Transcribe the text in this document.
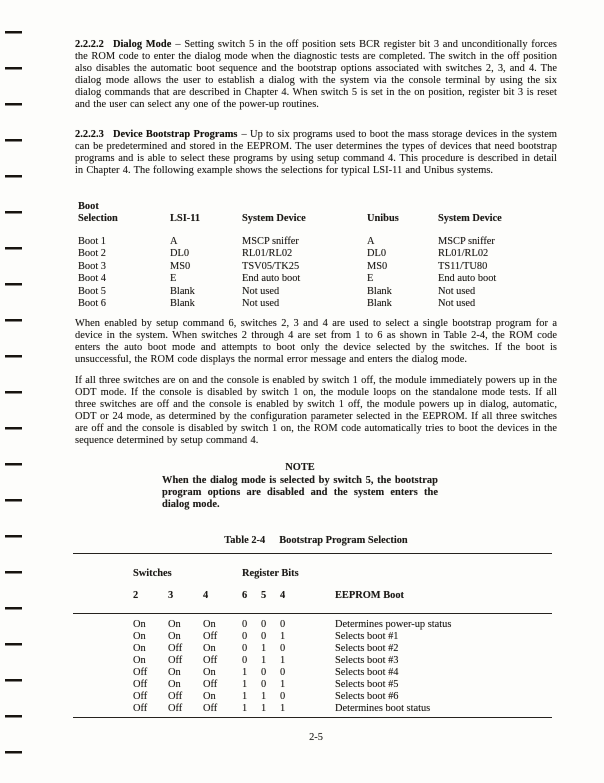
2.2.2.2 Dialog Mode – Setting switch 5 in the off position sets BCR register bit 3 and unconditionally forces the ROM code to enter the dialog mode when the diagnostic tests are completed. The switch in the off position also disables the automatic boot sequence and the bootstrap options associated with switches 2, 3, and 4. The dialog mode allows the user to establish a dialog with the system via the console terminal by using the six dialog commands that are described in Chapter 4. When switch 5 is set in the on position, register bit 3 is reset and the user can select any one of the power-up routines.

2.2.2.3 Device Bootstrap Programs – Up to six programs used to boot the mass storage devices in the system can be predetermined and stored in the EEPROM. The user determines the types of devices that need bootstrap programs and is able to select these programs by using setup command 4. This procedure is described in detail in Chapter 4. The following example shows the selections for typical LSI-11 and Unibus systems.

Boot
Selection	LSI-11	System Device	Unibus	System Device
Boot 1	A	MSCP sniffer	A	MSCP sniffer
Boot 2	DL0	RL01/RL02	DL0	RL01/RL02
Boot 3	MS0	TSV05/TK25	MS0	TS11/TU80
Boot 4	E	End auto boot	E	End auto boot
Boot 5	Blank	Not used	Blank	Not used
Boot 6	Blank	Not used	Blank	Not used

When enabled by setup command 6, switches 2, 3 and 4 are used to select a single bootstrap program for a device in the system. When switches 2 through 4 are set from 1 to 6 as shown in Table 2-4, the ROM code enters the auto boot mode and attempts to boot only the device selected by the switches. If the boot is unsuccessful, the ROM code displays the normal error message and enters the dialog mode.

If all three switches are on and the console is enabled by switch 1 off, the module immediately powers up in the ODT mode. If the console is disabled by switch 1 on, the module loops on the standalone mode tests. If all three switches are off and the console is enabled by switch 1 off, the module powers up in dialog, automatic, ODT or 24 mode, as determined by the configuration parameter selected in the EEPROM. If all three switches are off and the console is disabled by switch 1 on, the ROM code automatically tries to boot the devices in the sequence determined by setup command 4.

NOTE

When the dialog mode is selected by switch 5, the bootstrap program options are disabled and the system enters the dialog mode.

Table 2-4 Bootstrap Program Selection

2-5
Switches	Register Bits
2	3	4	6	5	4	EEPROM Boot
On	On	On	0	0	0	Determines power-up status
On	On	Off	0	0	1	Selects boot #1
On	Off	On	0	1	0	Selects boot #2
On	Off	Off	0	1	1	Selects boot #3
Off	On	On	1	0	0	Selects boot #4
Off	On	Off	1	0	1	Selects boot #5
Off	Off	On	1	1	0	Selects boot #6
Off	Off	Off	1	1	1	Determines boot status
